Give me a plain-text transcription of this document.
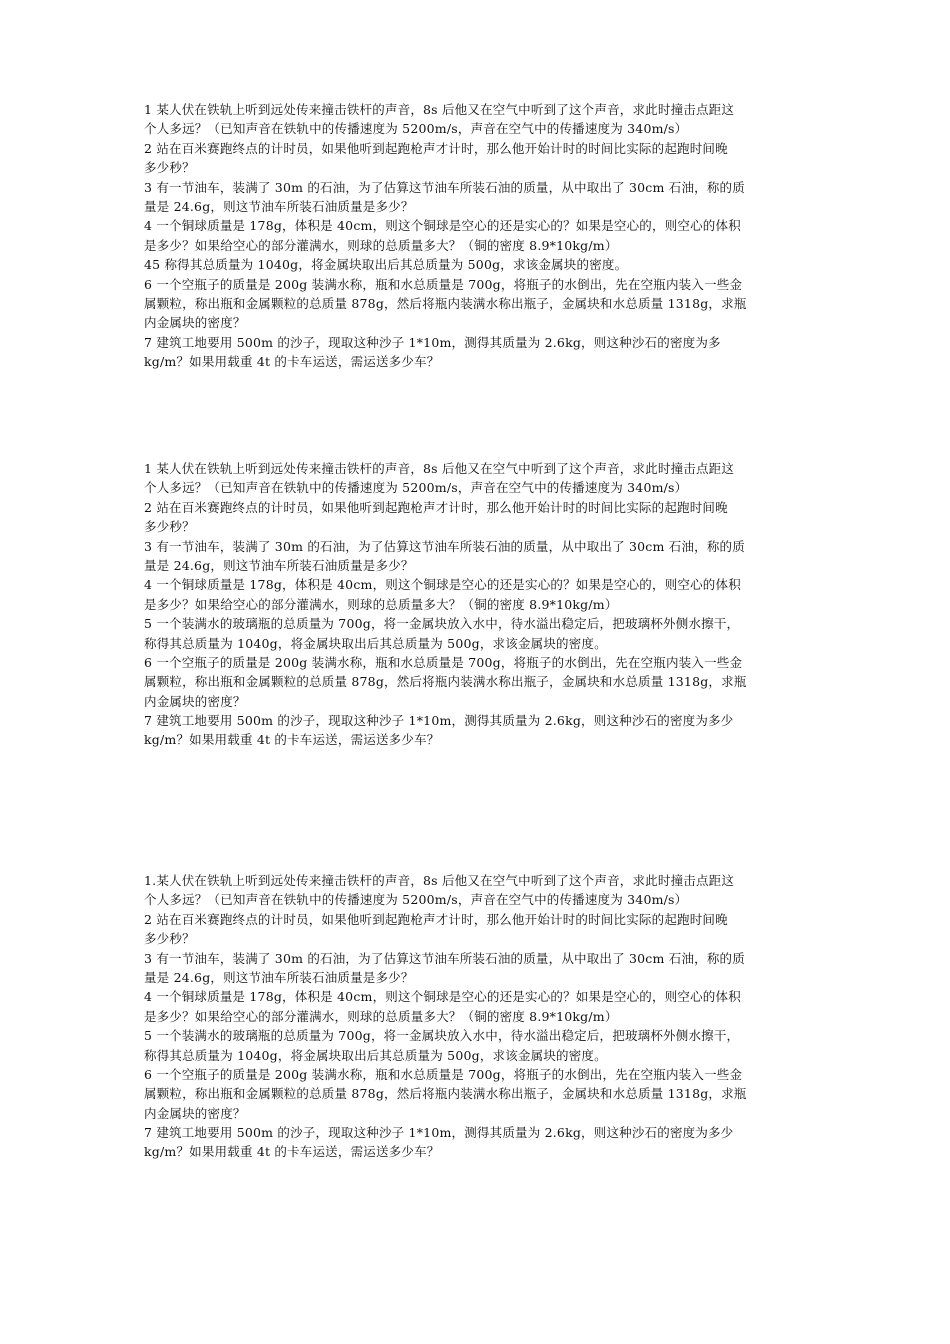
1 某人伏在铁轨上听到远处传来撞击铁杆的声音，8s 后他又在空气中听到了这个声音，求此时撞击点距这
个人多远？（已知声音在铁轨中的传播速度为 5200m/s，声音在空气中的传播速度为 340m/s）
2 站在百米赛跑终点的计时员，如果他听到起跑枪声才计时，那么他开始计时的时间比实际的起跑时间晚
多少秒？
3 有一节油车，装满了 30m 的石油，为了估算这节油车所装石油的质量，从中取出了 30cm 石油，称的质
量是 24.6g，则这节油车所装石油质量是多少？
4 一个铜球质量是 178g，体积是 40cm，则这个铜球是空心的还是实心的？如果是空心的，则空心的体积
是多少？如果给空心的部分灌满水，则球的总质量多大？（铜的密度 8.9*10kg/m）
45 称得其总质量为 1040g，将金属块取出后其总质量为 500g，求该金属块的密度。
6 一个空瓶子的质量是 200g 装满水称，瓶和水总质量是 700g，将瓶子的水倒出，先在空瓶内装入一些金
属颗粒，称出瓶和金属颗粒的总质量 878g，然后将瓶内装满水称出瓶子，金属块和水总质量 1318g，求瓶
内金属块的密度？
7 建筑工地要用 500m 的沙子，现取这种沙子 1*10m，测得其质量为 2.6kg，则这种沙石的密度为多
kg/m？如果用载重 4t 的卡车运送，需运送多少车？
1 某人伏在铁轨上听到远处传来撞击铁杆的声音，8s 后他又在空气中听到了这个声音，求此时撞击点距这
个人多远？（已知声音在铁轨中的传播速度为 5200m/s，声音在空气中的传播速度为 340m/s）
2 站在百米赛跑终点的计时员，如果他听到起跑枪声才计时，那么他开始计时的时间比实际的起跑时间晚
多少秒？
3 有一节油车，装满了 30m 的石油，为了估算这节油车所装石油的质量，从中取出了 30cm 石油，称的质
量是 24.6g，则这节油车所装石油质量是多少？
4 一个铜球质量是 178g，体积是 40cm，则这个铜球是空心的还是实心的？如果是空心的，则空心的体积
是多少？如果给空心的部分灌满水，则球的总质量多大？（铜的密度 8.9*10kg/m）
5 一个装满水的玻璃瓶的总质量为 700g，将一金属块放入水中，待水溢出稳定后，把玻璃杯外侧水擦干，
称得其总质量为 1040g，将金属块取出后其总质量为 500g，求该金属块的密度。
6 一个空瓶子的质量是 200g 装满水称，瓶和水总质量是 700g，将瓶子的水倒出，先在空瓶内装入一些金
属颗粒，称出瓶和金属颗粒的总质量 878g，然后将瓶内装满水称出瓶子，金属块和水总质量 1318g，求瓶
内金属块的密度？
7 建筑工地要用 500m 的沙子，现取这种沙子 1*10m，测得其质量为 2.6kg，则这种沙石的密度为多少
kg/m？如果用载重 4t 的卡车运送，需运送多少车？
1.某人伏在铁轨上听到远处传来撞击铁杆的声音，8s 后他又在空气中听到了这个声音，求此时撞击点距这
个人多远？（已知声音在铁轨中的传播速度为 5200m/s，声音在空气中的传播速度为 340m/s）
2 站在百米赛跑终点的计时员，如果他听到起跑枪声才计时，那么他开始计时的时间比实际的起跑时间晚
多少秒？
3 有一节油车，装满了 30m 的石油，为了估算这节油车所装石油的质量，从中取出了 30cm 石油，称的质
量是 24.6g，则这节油车所装石油质量是多少？
4 一个铜球质量是 178g，体积是 40cm，则这个铜球是空心的还是实心的？如果是空心的，则空心的体积
是多少？如果给空心的部分灌满水，则球的总质量多大？（铜的密度 8.9*10kg/m）
5 一个装满水的玻璃瓶的总质量为 700g，将一金属块放入水中，待水溢出稳定后，把玻璃杯外侧水擦干，
称得其总质量为 1040g，将金属块取出后其总质量为 500g，求该金属块的密度。
6 一个空瓶子的质量是 200g 装满水称，瓶和水总质量是 700g，将瓶子的水倒出，先在空瓶内装入一些金
属颗粒，称出瓶和金属颗粒的总质量 878g，然后将瓶内装满水称出瓶子，金属块和水总质量 1318g，求瓶
内金属块的密度？
7 建筑工地要用 500m 的沙子，现取这种沙子 1*10m，测得其质量为 2.6kg，则这种沙石的密度为多少
kg/m？如果用载重 4t 的卡车运送，需运送多少车？
